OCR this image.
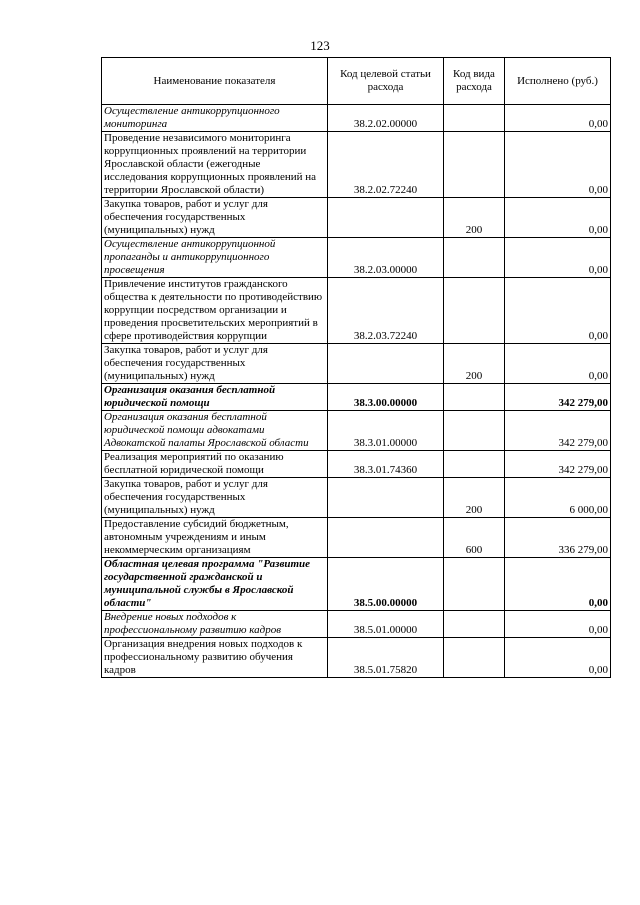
123
Наименование показателя	Код целевой статьи расхода	Код вида расхода	Исполнено (руб.)
Осуществление антикоррупционного мониторинга	38.2.02.00000		0,00
Проведение независимого мониторинга коррупционных проявлений на территории Ярославской области (ежегодные исследования коррупционных проявлений на территории Ярославской области)	38.2.02.72240		0,00
Закупка товаров, работ и услуг для обеспечения государственных (муниципальных) нужд		200	0,00
Осуществление антикоррупционной пропаганды и антикоррупционного просвещения	38.2.03.00000		0,00
Привлечение институтов гражданского общества к деятельности по противодействию коррупции посредством организации и проведения просветительских мероприятий в сфере противодействия коррупции	38.2.03.72240		0,00
Закупка товаров, работ и услуг для обеспечения государственных (муниципальных) нужд		200	0,00
Организация оказания бесплатной юридической помощи	38.3.00.00000		342 279,00
Организация оказания бесплатной юридической помощи адвокатами Адвокатской палаты Ярославской области	38.3.01.00000		342 279,00
Реализация мероприятий по оказанию бесплатной юридической помощи	38.3.01.74360		342 279,00
Закупка товаров, работ и услуг для обеспечения государственных (муниципальных) нужд		200	6 000,00
Предоставление субсидий бюджетным, автономным учреждениям и иным некоммерческим организациям		600	336 279,00
Областная целевая программа "Развитие государственной гражданской и муниципальной службы в Ярославской области"	38.5.00.00000		0,00
Внедрение новых подходов к профессиональному развитию кадров	38.5.01.00000		0,00
Организация внедрения новых подходов к профессиональному развитию обучения кадров	38.5.01.75820		0,00
